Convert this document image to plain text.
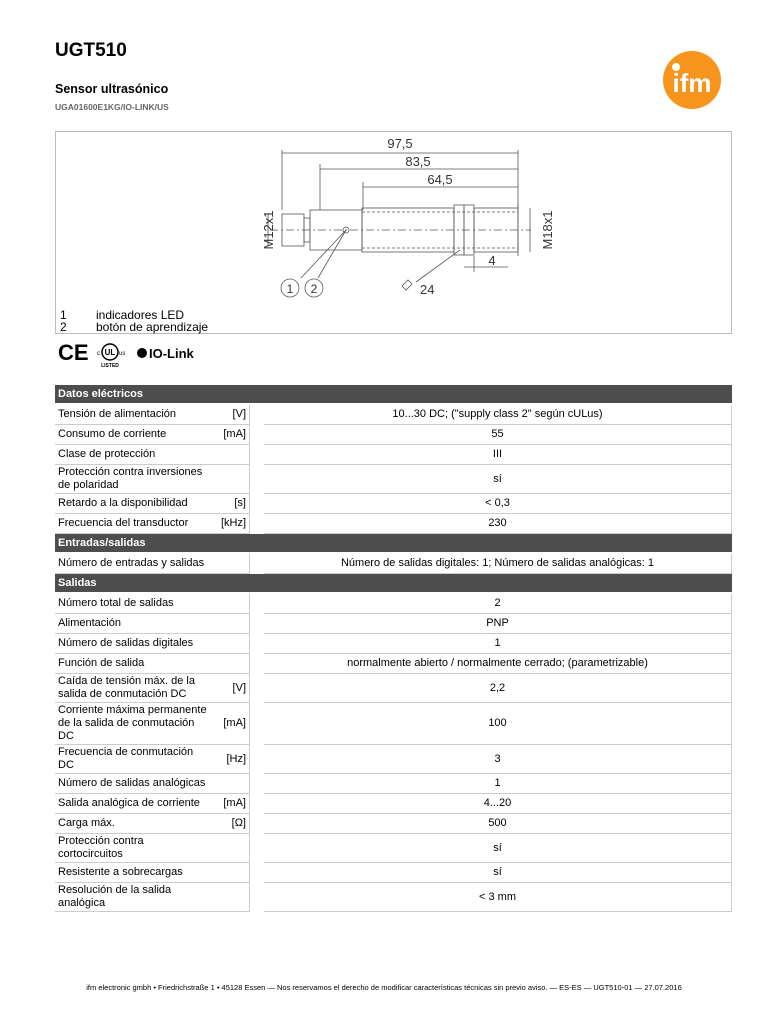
UGT510
Sensor ultrasónico
UGA01600E1KG/IO-LINK/US
ifm
97,5
83,5
64,5
M12x1	M18x1
4
24
1 2
1 indicadores LED
2 botón de aprendizaje
CE UL
c	us
LISTED
IO-Link
Datos eléctricos			
Tensión de alimentación	[V]		10...30 DC; ("supply class 2" según cULus)
Consumo de corriente	[mA]		55
Clase de protección			III
Protección contra inversiones de polaridad			sí
Retardo a la disponibilidad	[s]		< 0,3
Frecuencia del transductor	[kHz]		230
Entradas/salidas			
Número de entradas y salidas			Número de salidas digitales: 1; Número de salidas analógicas: 1
Salidas			
Número total de salidas			2
Alimentación			PNP
Número de salidas digitales			1
Función de salida			normalmente abierto / normalmente cerrado; (parametrizable)
Caída de tensión máx. de la salida de conmutación DC	[V]		2,2
Corriente máxima permanente de la salida de conmutación DC	[mA]		100
Frecuencia de conmutación DC	[Hz]		3
Número de salidas analógicas			1
Salida analógica de corriente	[mA]		4...20
Carga máx.	[Ω]		500
Protección contra cortocircuitos			sí
Resistente a sobrecargas			sí
Resolución de la salida analógica			< 3 mm
ifm electronic gmbh • Friedrichstraße 1 • 45128 Essen — Nos reservamos el derecho de modificar características técnicas sin previo aviso. — ES-ES — UGT510-01 — 27.07.2016
